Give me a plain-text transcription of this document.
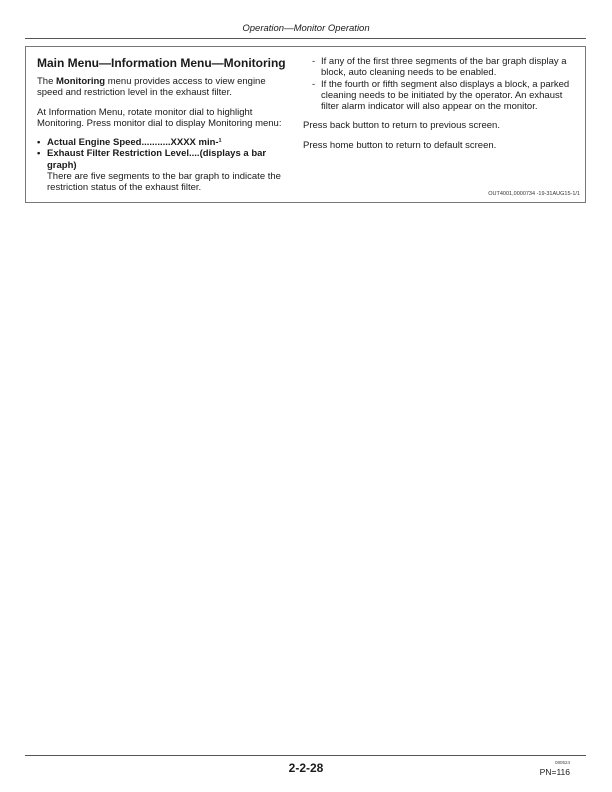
Operation—Monitor Operation
Main Menu—Information Menu—Monitoring

The Monitoring menu provides access to view engine speed and restriction level in the exhaust filter.

At Information Menu, rotate monitor dial to highlight Monitoring. Press monitor dial to display Monitoring menu:

• Actual Engine Speed...........XXXX min-¹
• Exhaust Filter Restriction Level....(displays a bar graph)
There are five segments to the bar graph to indicate the restriction status of the exhaust filter.
- If any of the first three segments of the bar graph display a block, auto cleaning needs to be enabled.
- If the fourth or fifth segment also displays a block, a parked cleaning needs to be initiated by the operator. An exhaust filter alarm indicator will also appear on the monitor.

Press back button to return to previous screen.

Press home button to return to default screen.

OUT4001,0000734 -19-31AUG15-1/1
2-2-28	080524
PN=116
